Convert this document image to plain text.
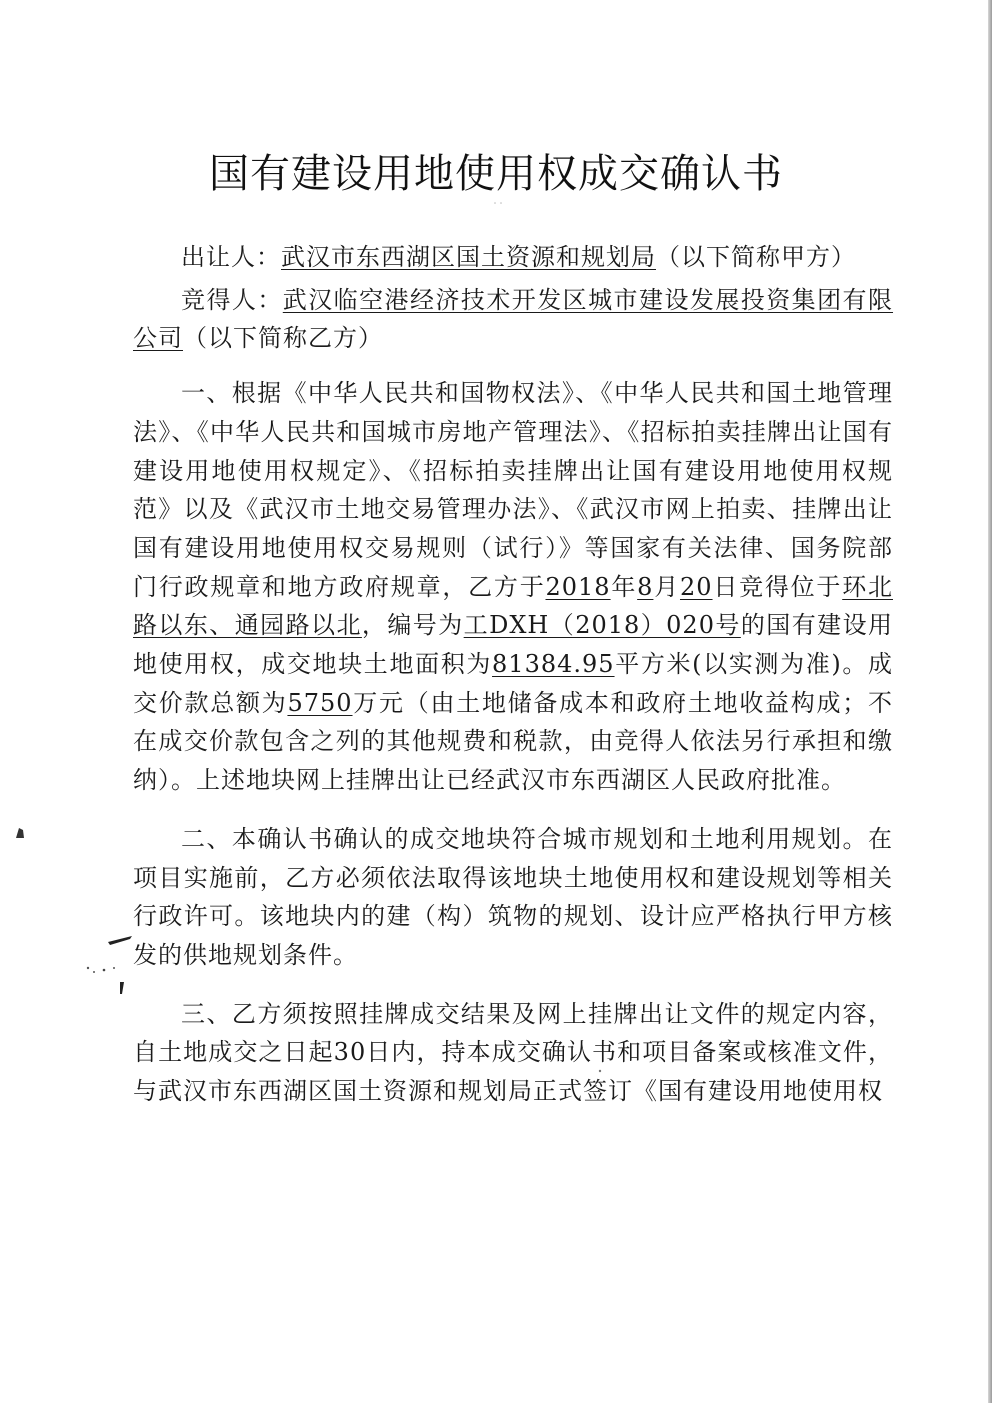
国有建设用地使用权成交确认书

出让人：武汉市东西湖区国土资源和规划局（以下简称甲方）

竞得人：武汉临空港经济技术开发区城市建设发展投资集团有限公司（以下简称乙方）

一、根据《中华人民共和国物权法》、《中华人民共和国土地管理法》、《中华人民共和国城市房地产管理法》、《招标拍卖挂牌出让国有建设用地使用权规定》、《招标拍卖挂牌出让国有建设用地使用权规范》以及《武汉市土地交易管理办法》、《武汉市网上拍卖、挂牌出让国有建设用地使用权交易规则（试行）》等国家有关法律、国务院部门行政规章和地方政府规章，乙方于2018年8月20日竞得位于环北路以东、通园路以北，编号为工DXH（2018）020号的国有建设用地使用权，成交地块土地面积为81384.95平方米(以实测为准)。成交价款总额为5750万元（由土地储备成本和政府土地收益构成；不在成交价款包含之列的其他规费和税款，由竞得人依法另行承担和缴纳）。上述地块网上挂牌出让已经武汉市东西湖区人民政府批准。

二、本确认书确认的成交地块符合城市规划和土地利用规划。在项目实施前，乙方必须依法取得该地块土地使用权和建设规划等相关行政许可。该地块内的建（构）筑物的规划、设计应严格执行甲方核发的供地规划条件。

三、乙方须按照挂牌成交结果及网上挂牌出让文件的规定内容，自土地成交之日起30日内，持本成交确认书和项目备案或核准文件，与武汉市东西湖区国土资源和规划局正式签订《国有建设用地使用权
